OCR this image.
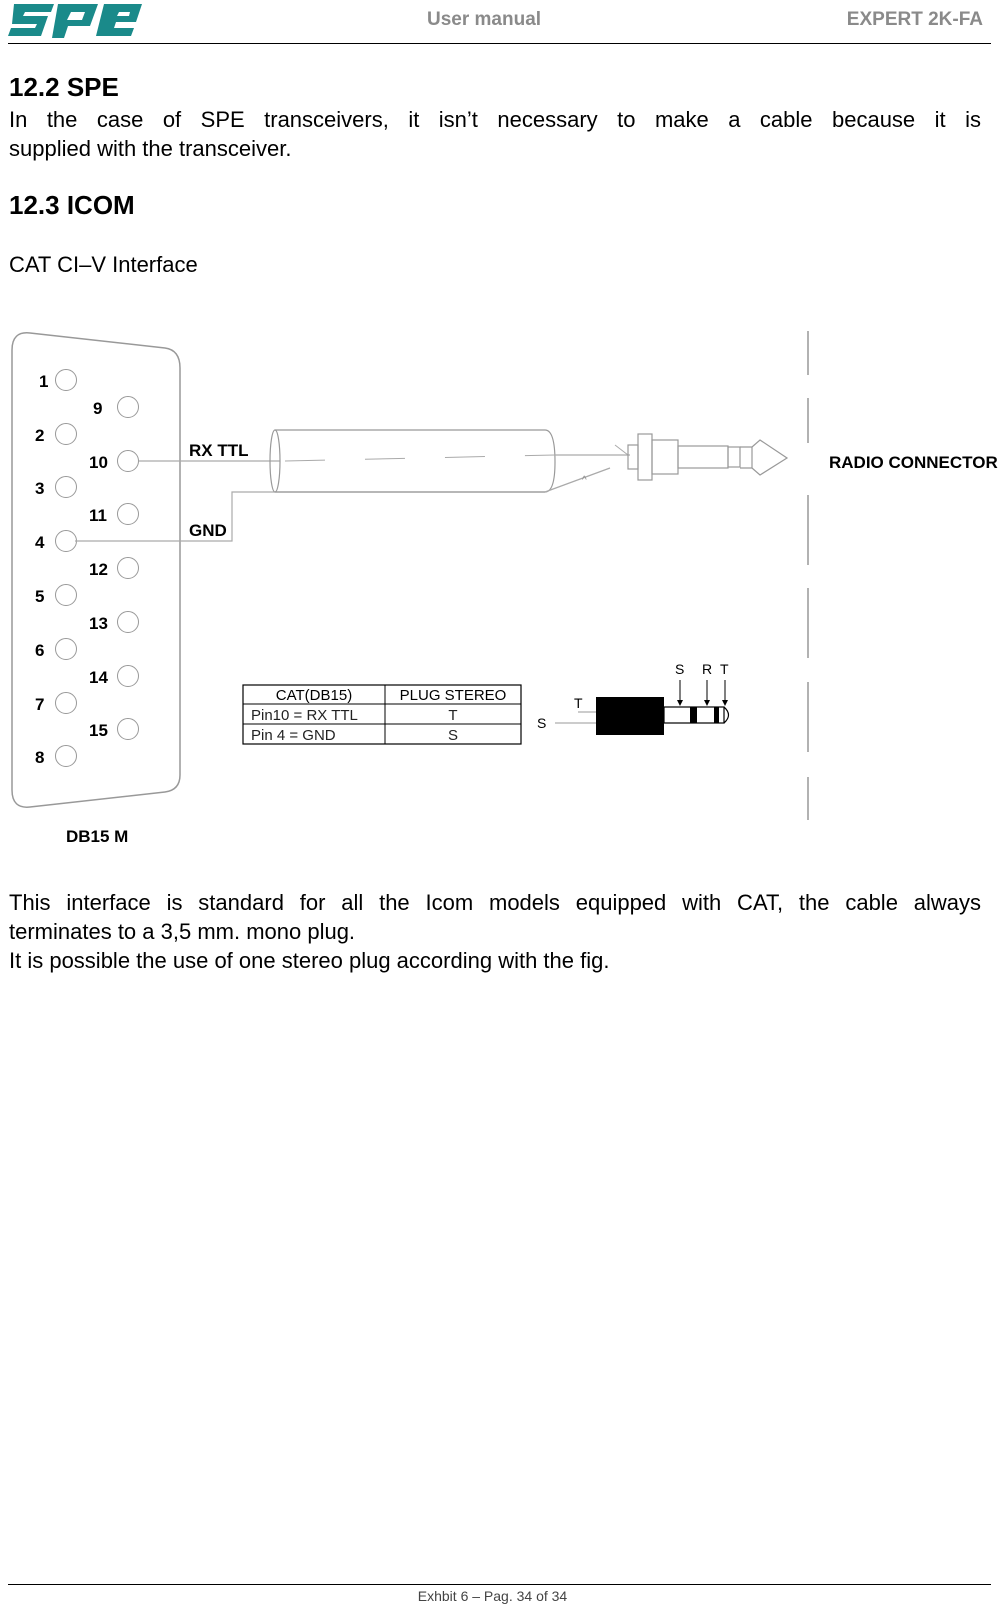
User manual	EXPERT 2K-FA
12.2 SPE

In the case of SPE transceivers, it isn’t necessary to make a cable because it is

supplied with the transceiver.

12.3 ICOM

CAT CI–V Interface

1
2
3
4
5
6
7
8
9
10
11
12
13
14
15
DB15 M
RX TTL
GND
^
RADIO CONNECTOR
CAT(DB15)	PLUG STEREO
Pin10 = RX TTL	T
Pin 4 = GND	S
T
S
S R T

This interface is standard for all the Icom models equipped with CAT, the cable always

terminates to a 3,5 mm. mono plug.

It is possible the use of one stereo plug according with the fig.

Exhbit 6 – Pag. 34 of 34
